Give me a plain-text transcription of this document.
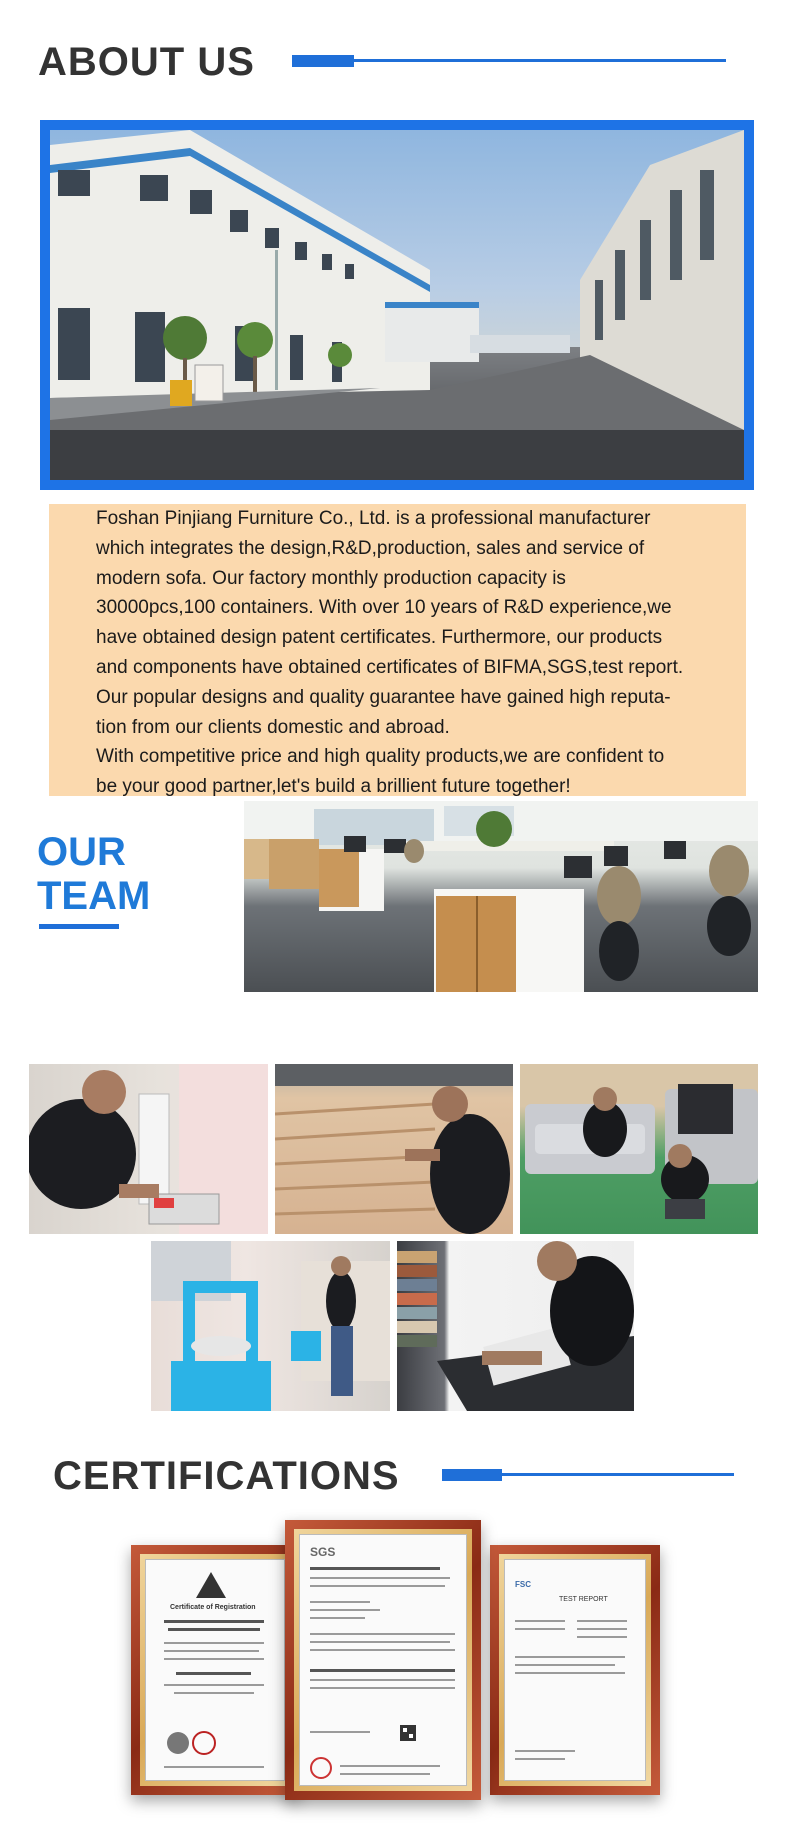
ABOUT US

Foshan Pinjiang Furniture Co., Ltd. is a professional manufacturer
which integrates the design,R&D,production, sales and service of
modern sofa. Our factory monthly production capacity is
30000pcs,100 containers. With over 10 years of R&D experience,we
have obtained design patent certificates. Furthermore, our products
and components have obtained certificates of BIFMA,SGS,test report.
Our popular designs and quality guarantee have gained high reputa-
tion from our clients domestic and abroad.
With competitive price and high quality products,we are confident to
be your good partner,let's build a brillient future together!

OUR

TEAM

CERTIFICATIONS
Certificate of Registration
FSC
TEST REPORT
SGS
